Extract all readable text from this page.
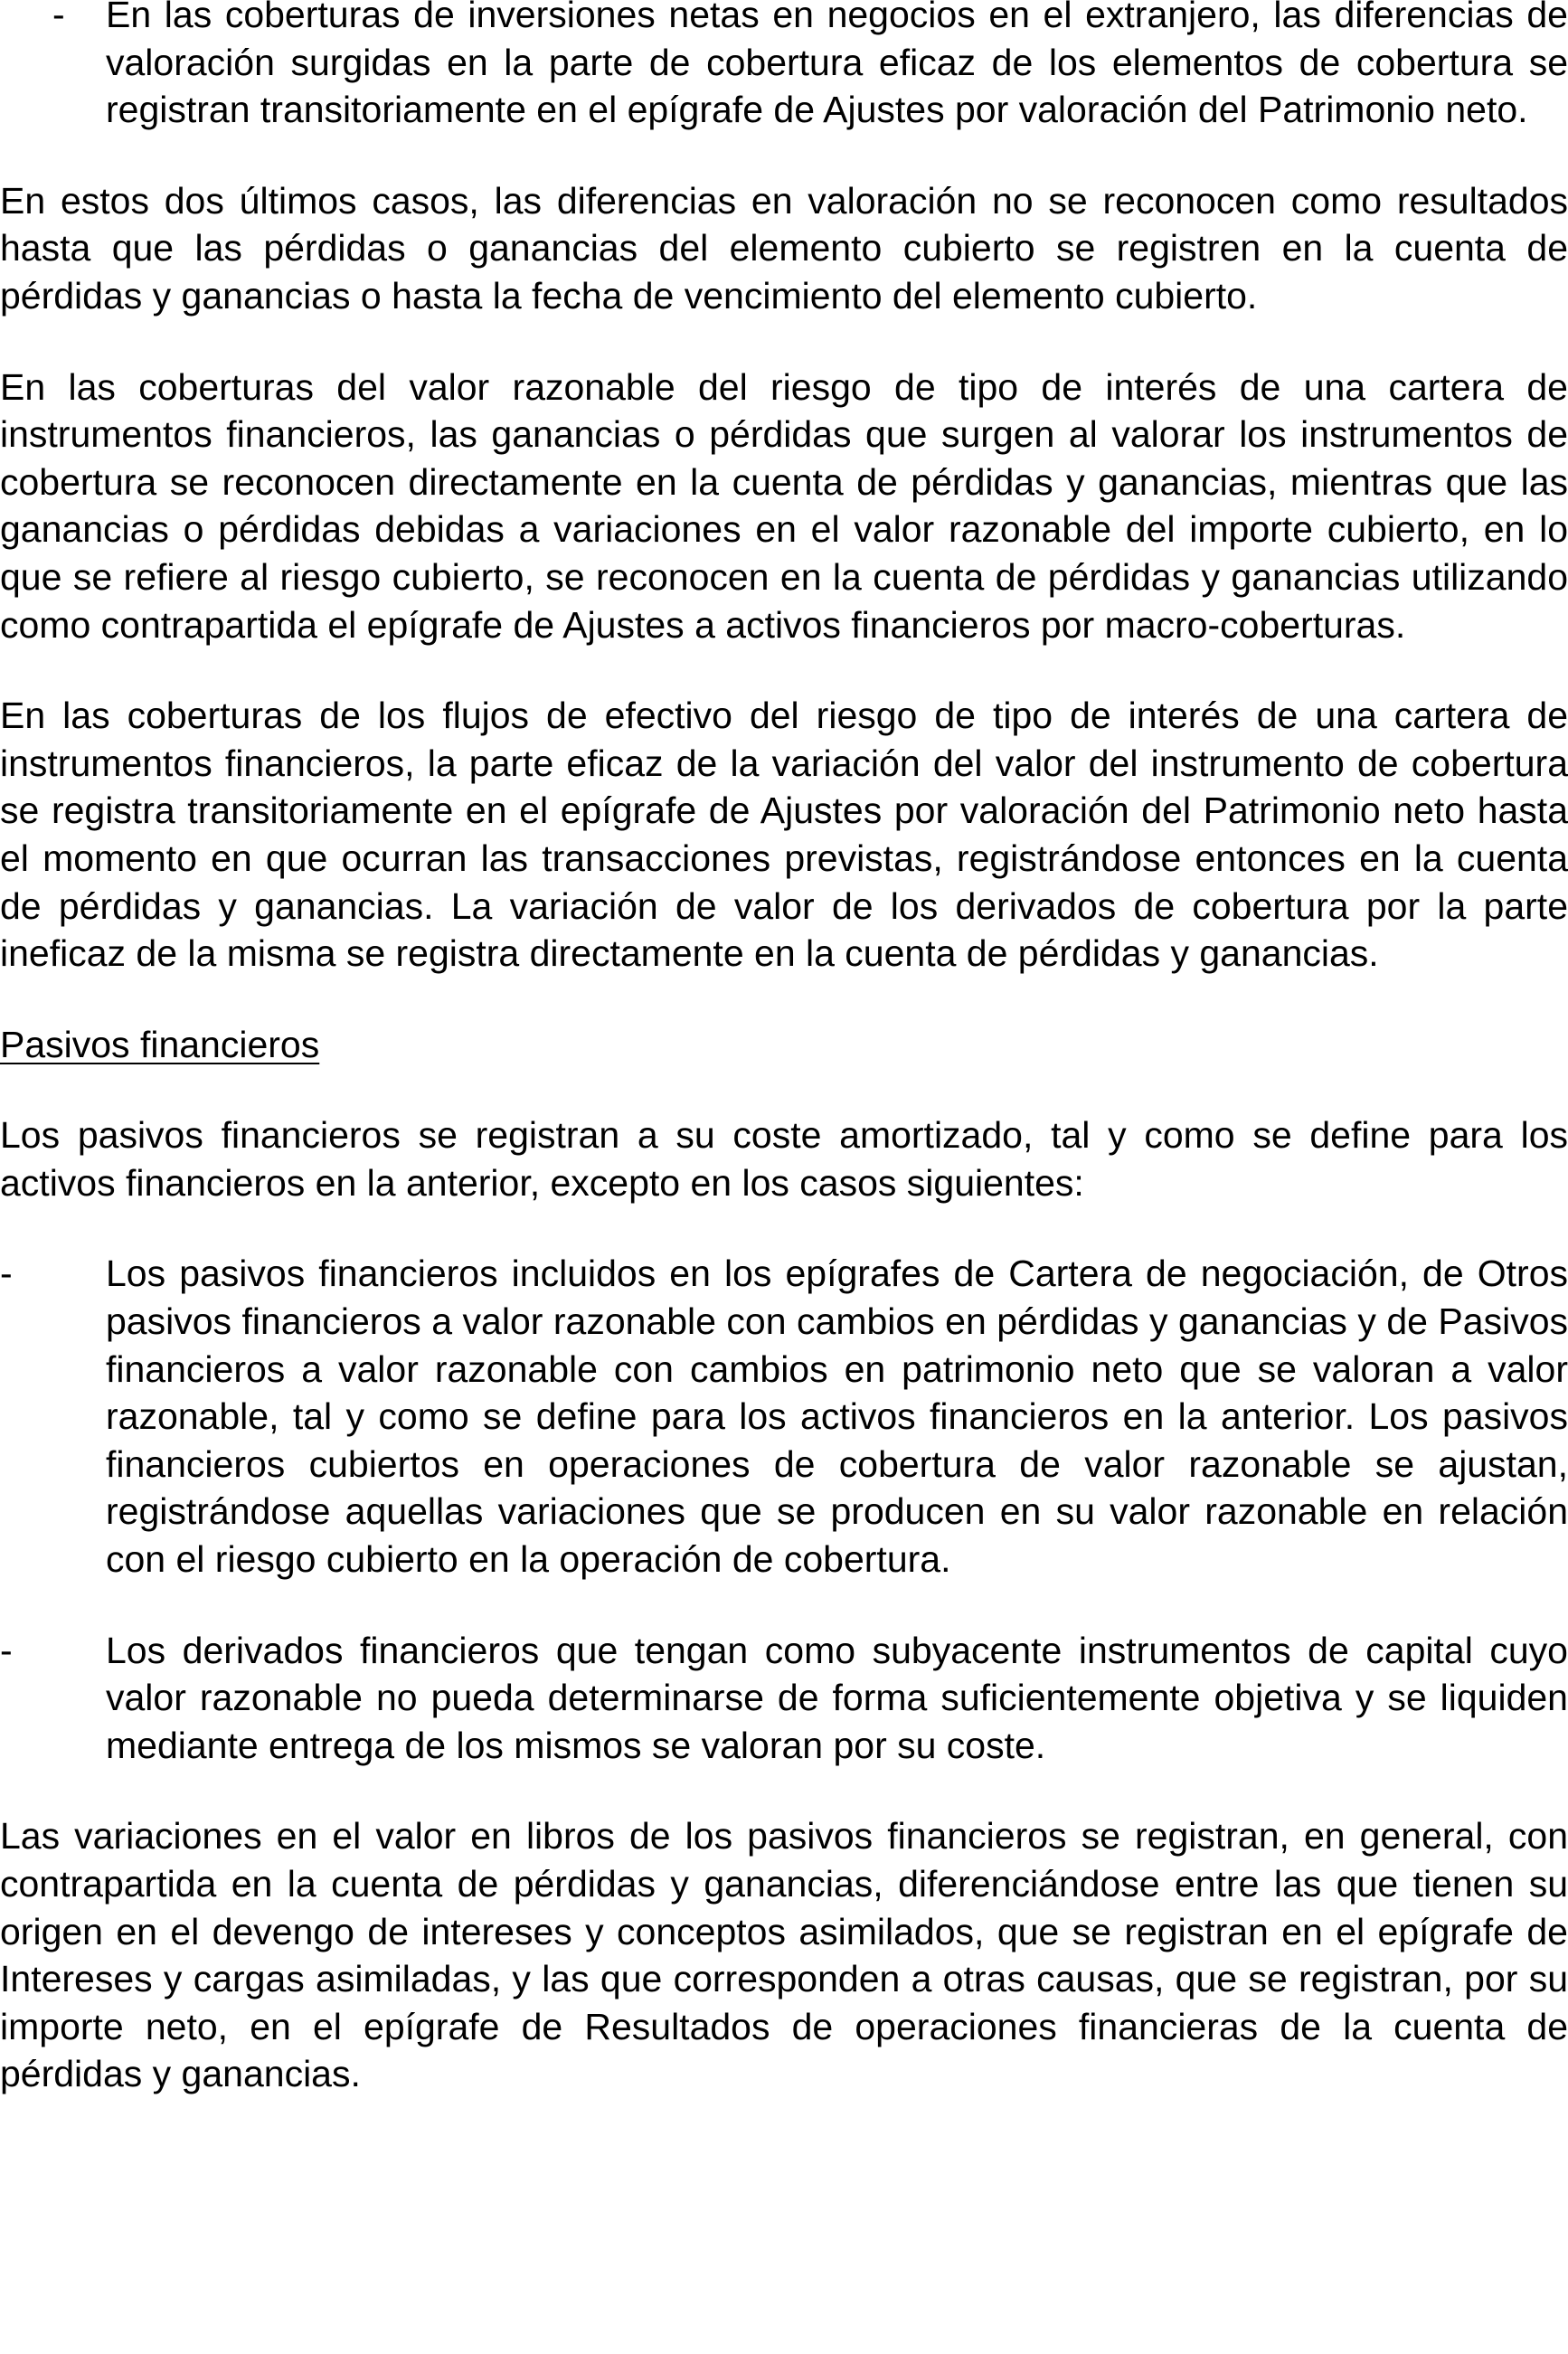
- En las coberturas de inversiones netas en negocios en el extranjero, las diferencias de valoración surgidas en la parte de cobertura eficaz de los elementos de cobertura se registran transitoriamente en el epígrafe de Ajustes por valoración del Patrimonio neto.

En estos dos últimos casos, las diferencias en valoración no se reconocen como resultados hasta que las pérdidas o ganancias del elemento cubierto se registren en la cuenta de pérdidas y ganancias o hasta la fecha de vencimiento del elemento cubierto.

En las coberturas del valor razonable del riesgo de tipo de interés de una cartera de instrumentos financieros, las ganancias o pérdidas que surgen al valorar los instrumentos de cobertura se reconocen directamente en la cuenta de pérdidas y ganancias, mientras que las ganancias o pérdidas debidas a variaciones en el valor razonable del importe cubierto, en lo que se refiere al riesgo cubierto, se reconocen en la cuenta de pérdidas y ganancias utilizando como contrapartida el epígrafe de Ajustes a activos financieros por macro-coberturas.

En las coberturas de los flujos de efectivo del riesgo de tipo de interés de una cartera de instrumentos financieros, la parte eficaz de la variación del valor del instrumento de cobertura se registra transitoriamente en el epígrafe de Ajustes por valoración del Patrimonio neto hasta el momento en que ocurran las transacciones previstas, registrándose entonces en la cuenta de pérdidas y ganancias. La variación de valor de los derivados de cobertura por la parte ineficaz de la misma se registra directamente en la cuenta de pérdidas y ganancias.

Pasivos financieros

Los pasivos financieros se registran a su coste amortizado, tal y como se define para los activos financieros en la anterior, excepto en los casos siguientes:

-	Los pasivos financieros incluidos en los epígrafes de Cartera de negociación, de Otros pasivos financieros a valor razonable con cambios en pérdidas y ganancias y de Pasivos financieros a valor razonable con cambios en patrimonio neto que se valoran a valor razonable, tal y como se define para los activos financieros en la anterior. Los pasivos financieros cubiertos en operaciones de cobertura de valor razonable se ajustan, registrándose aquellas variaciones que se producen en su valor razonable en relación con el riesgo cubierto en la operación de cobertura.
-	Los derivados financieros que tengan como subyacente instrumentos de capital cuyo valor razonable no pueda determinarse de forma suficientemente objetiva y se liquiden mediante entrega de los mismos se valoran por su coste.

Las variaciones en el valor en libros de los pasivos financieros se registran, en general, con contrapartida en la cuenta de pérdidas y ganancias, diferenciándose entre las que tienen su origen en el devengo de intereses y conceptos asimilados, que se registran en el epígrafe de Intereses y cargas asimiladas, y las que corresponden a otras causas, que se registran, por su importe neto, en el epígrafe de Resultados de operaciones financieras de la cuenta de pérdidas y ganancias.
